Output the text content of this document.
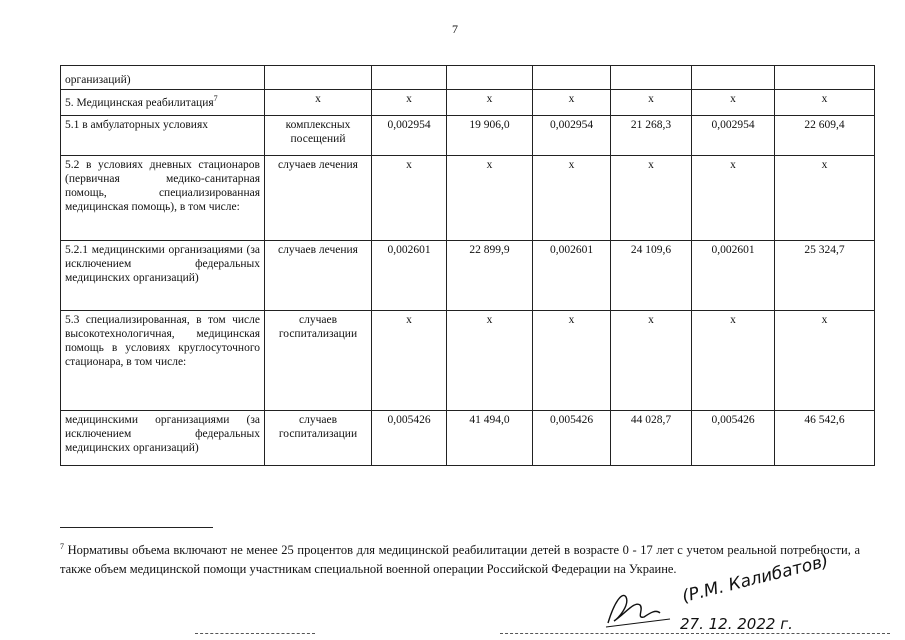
7
организаций)							
5. Медицинская реабилитация$^7$	x	x	x	x	x	x	x
5.1 в амбулаторных условиях	комплексных посещений	0,002954	19 906,0	0,002954	21 268,3	0,002954	22 609,4
5.2 в условиях дневных стационаров (первичная медико-санитарная помощь, специализированная медицинская помощь), в том числе:	случаев лечения	x	x	x	x	x	x
5.2.1 медицинскими организациями (за исключением федеральных медицинских организаций)	случаев лечения	0,002601	22 899,9	0,002601	24 109,6	0,002601	25 324,7
5.3 специализированная, в том числе высокотехнологичная, медицинская помощь в условиях круглосуточного стационара, в том числе:	случаев госпитализации	x	x	x	x	x	x
медицинскими организациями (за исключением федеральных медицинских организаций)	случаев госпитализации	0,005426	41 494,0	0,005426	44 028,7	0,005426	46 542,6
$^7$ Нормативы объема включают не менее 25 процентов для медицинской реабилитации детей в возрасте 0 - 17 лет с учетом реальной потребности, а также объем медицинской помощи участникам специальной военной операции Российской Федерации на Украине. (Р.М. Калибатов)
27. 12. 2022 г.
